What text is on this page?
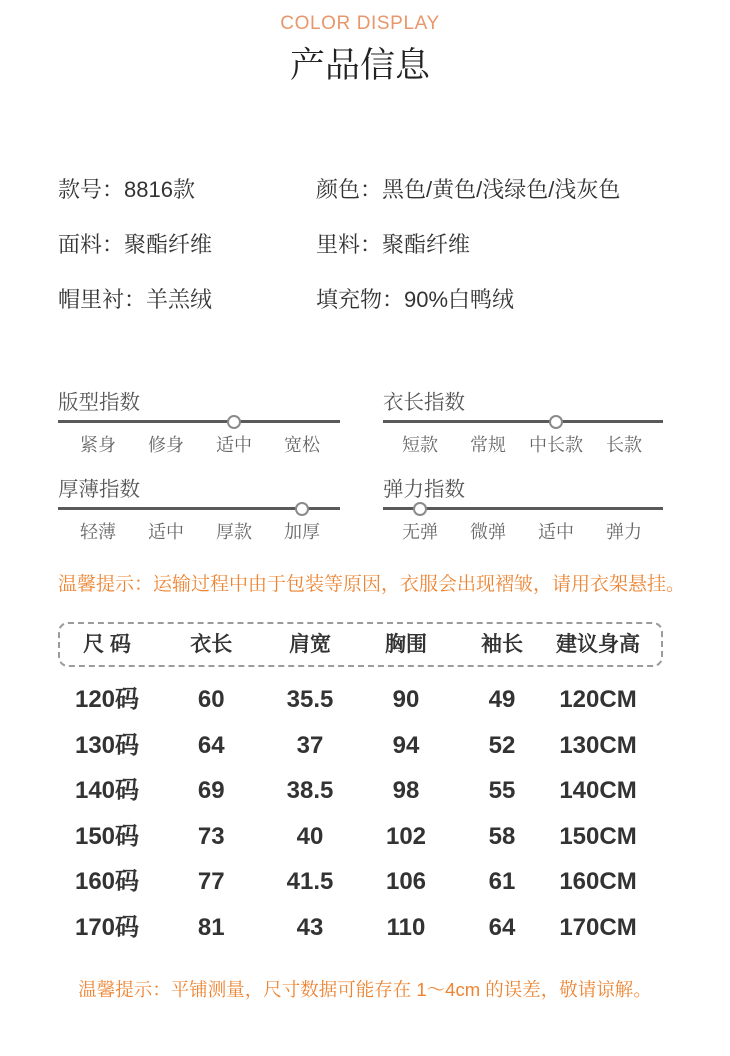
COLOR DISPLAY
产品信息
款号：8816款	颜色：黑色/黄色/浅绿色/浅灰色
面料：聚酯纤维	里料：聚酯纤维
帽里衬：羊羔绒	填充物：90%白鸭绒
版型指数
紧身	修身	适中	宽松
衣长指数
短款	常规	中长款	长款
厚薄指数
轻薄	适中	厚款	加厚
弹力指数
无弹	微弹	适中	弹力
温馨提示：运输过程中由于包装等原因，衣服会出现褶皱，请用衣架悬挂。
尺 码	衣长	肩宽	胸围	袖长	建议身高
120码	60	35.5	90	49	120CM
130码	64	37	94	52	130CM
140码	69	38.5	98	55	140CM
150码	73	40	102	58	150CM
160码	77	41.5	106	61	160CM
170码	81	43	110	64	170CM
温馨提示：平铺测量，尺寸数据可能存在 1～4cm 的误差，敬请谅解。
